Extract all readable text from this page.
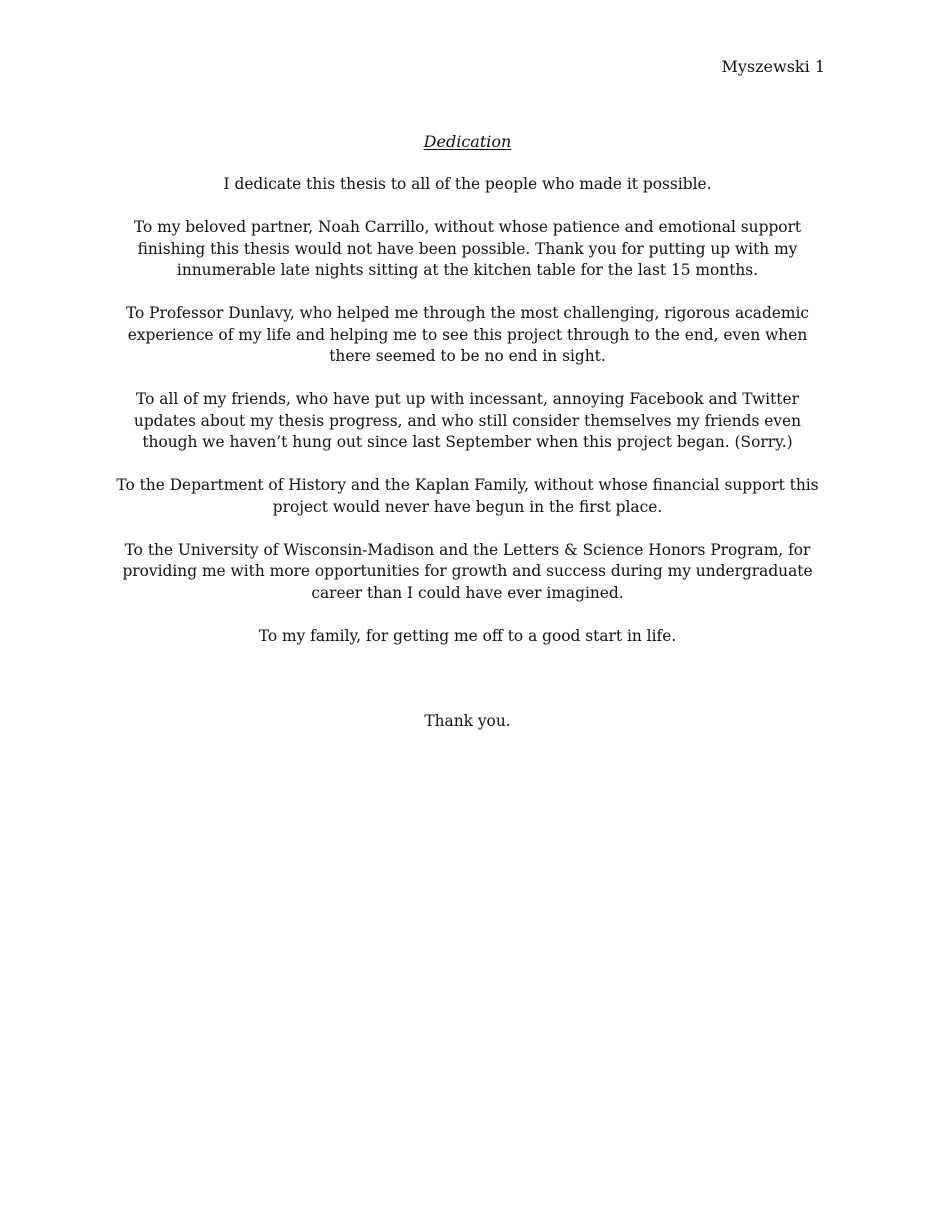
Myszewski 1

Dedication

I dedicate this thesis to all of the people who made it possible.

To my beloved partner, Noah Carrillo, without whose patience and emotional support
finishing this thesis would not have been possible. Thank you for putting up with my
innumerable late nights sitting at the kitchen table for the last 15 months.

To Professor Dunlavy, who helped me through the most challenging, rigorous academic
experience of my life and helping me to see this project through to the end, even when
there seemed to be no end in sight.

To all of my friends, who have put up with incessant, annoying Facebook and Twitter
updates about my thesis progress, and who still consider themselves my friends even
though we haven’t hung out since last September when this project began. (Sorry.)

To the Department of History and the Kaplan Family, without whose financial support this
project would never have begun in the first place.

To the University of Wisconsin-Madison and the Letters & Science Honors Program, for
providing me with more opportunities for growth and success during my undergraduate
career than I could have ever imagined.

To my family, for getting me off to a good start in life.

Thank you.
